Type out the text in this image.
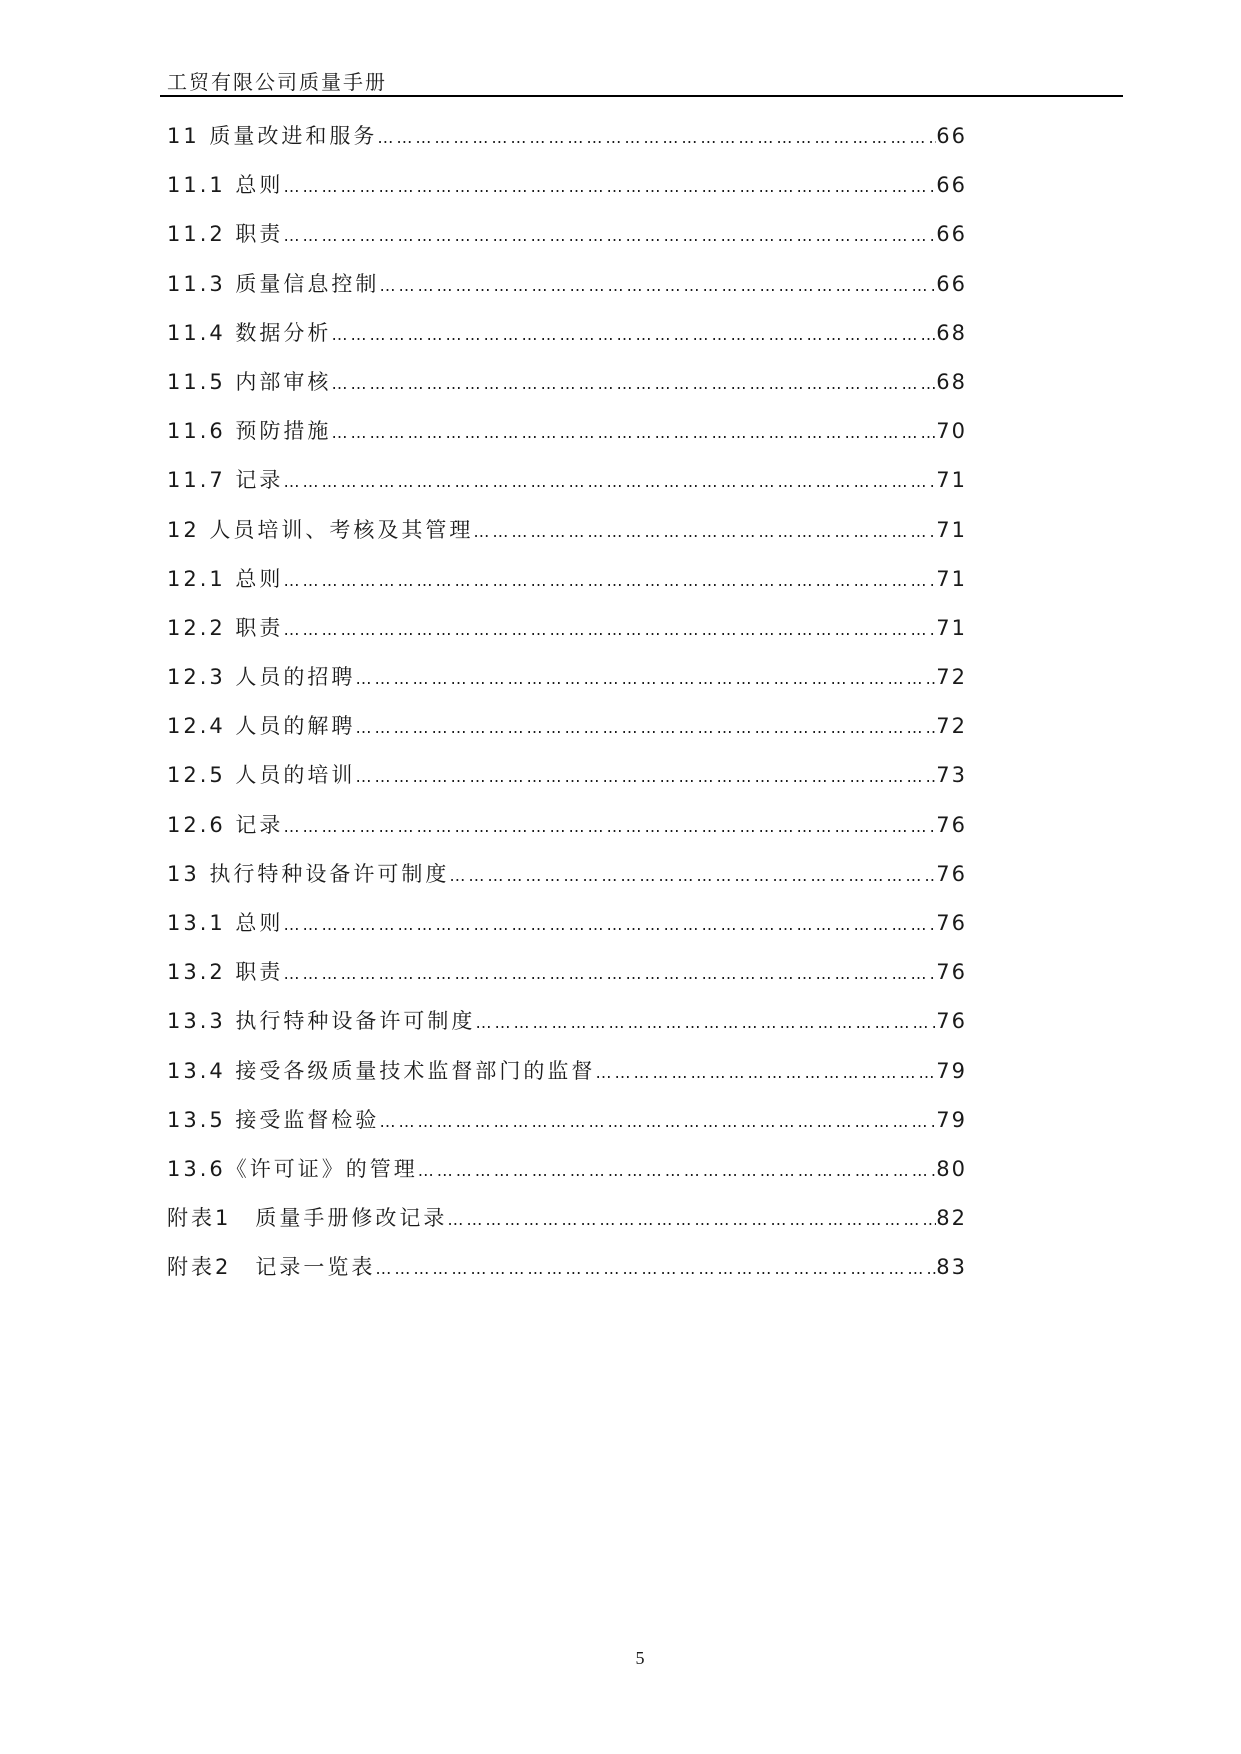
工贸有限公司质量手册
11 质量改进和服务 …………………………………………………………………………………………………………………………………………	66
11.1 总则 …………………………………………………………………………………………………………………………………………	66
11.2 职责 …………………………………………………………………………………………………………………………………………	66
11.3 质量信息控制 …………………………………………………………………………………………………………………………………………	66
11.4 数据分析 …………………………………………………………………………………………………………………………………………	68
11.5 内部审核 …………………………………………………………………………………………………………………………………………	68
11.6 预防措施 …………………………………………………………………………………………………………………………………………	70
11.7 记录 …………………………………………………………………………………………………………………………………………	71
12 人员培训、考核及其管理 …………………………………………………………………………………………………………………………………………	71
12.1 总则 …………………………………………………………………………………………………………………………………………	71
12.2 职责 …………………………………………………………………………………………………………………………………………	71
12.3 人员的招聘 …………………………………………………………………………………………………………………………………………	72
12.4 人员的解聘 …………………………………………………………………………………………………………………………………………	72
12.5 人员的培训 …………………………………………………………………………………………………………………………………………	73
12.6 记录 …………………………………………………………………………………………………………………………………………	76
13 执行特种设备许可制度 …………………………………………………………………………………………………………………………………………	76
13.1 总则 …………………………………………………………………………………………………………………………………………	76
13.2 职责 …………………………………………………………………………………………………………………………………………	76
13.3 执行特种设备许可制度 …………………………………………………………………………………………………………………………………………	76
13.4 接受各级质量技术监督部门的监督 …………………………………………………………………………………………………………………………………………	79
13.5 接受监督检验 …………………………………………………………………………………………………………………………………………	79
13.6《许可证》的管理 …………………………………………………………………………………………………………………………………………	80
附表1　质量手册修改记录 …………………………………………………………………………………………………………………………………………	82
附表2　记录一览表 …………………………………………………………………………………………………………………………………………	83
5
